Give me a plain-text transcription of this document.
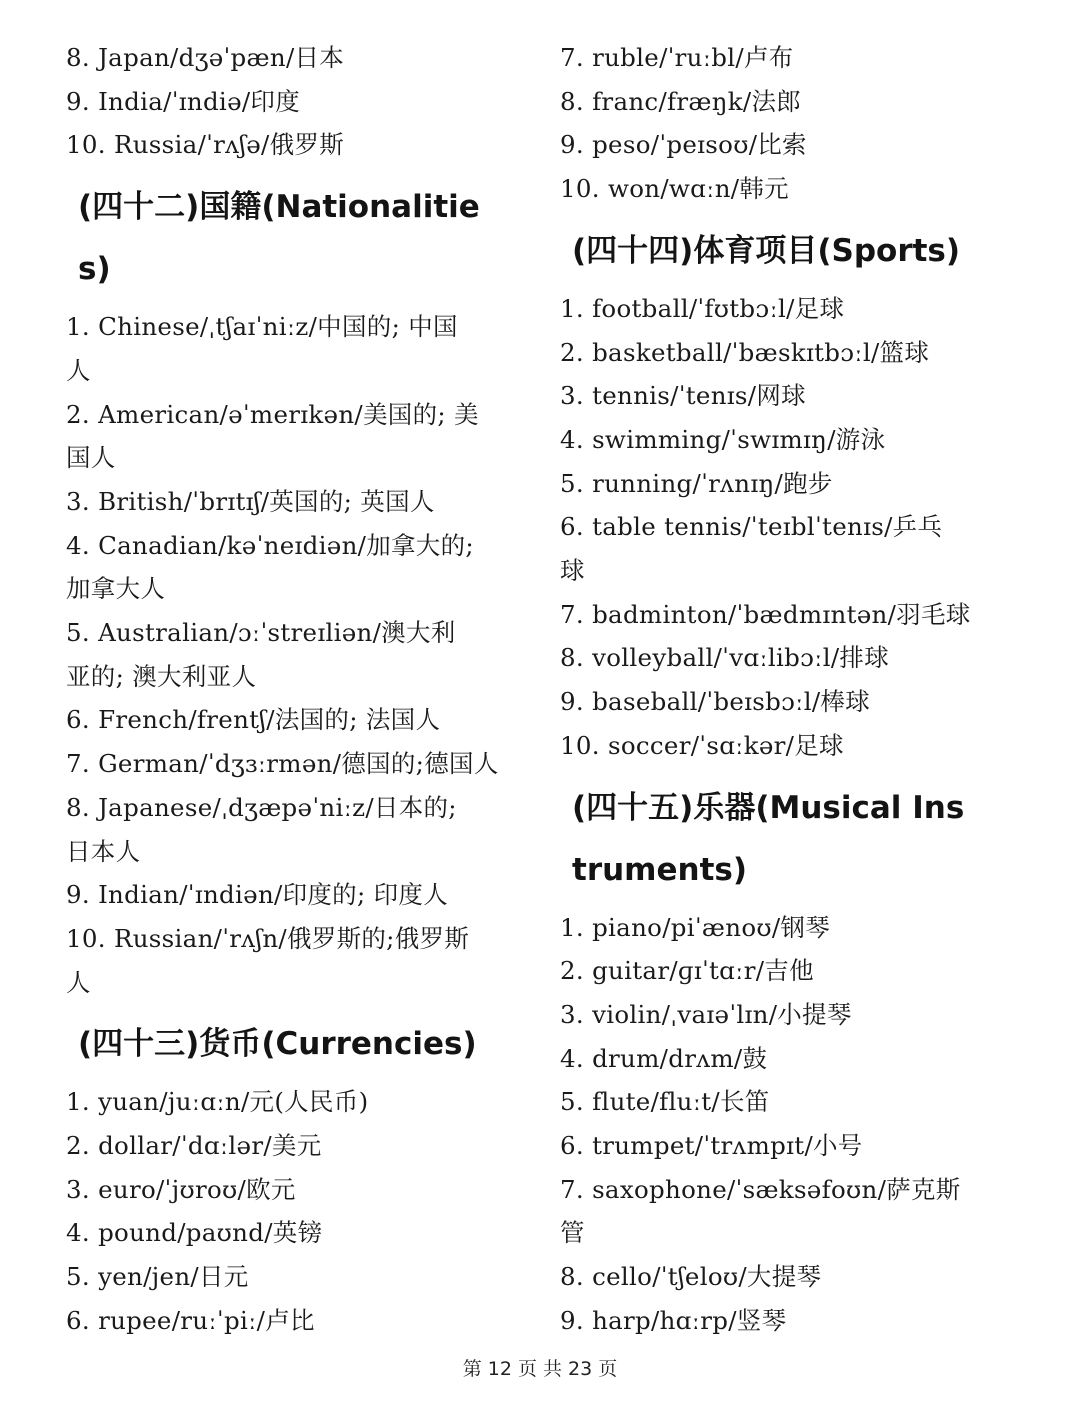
8. Japan/dʒəˈpæn/日本
9. India/ˈɪndiə/印度
10. Russia/ˈrʌʃə/俄罗斯
(四十二)国籍(Nationalitie
s)
1. Chinese/ˌtʃaɪˈniːz/中国的; 中国
人
2. American/əˈmerɪkən/美国的; 美
国人
3. British/ˈbrɪtɪʃ/英国的; 英国人
4. Canadian/kəˈneɪdiən/加拿大的;
加拿大人
5. Australian/ɔːˈstreɪliən/澳大利
亚的; 澳大利亚人
6. French/frentʃ/法国的; 法国人
7. German/ˈdʒɜːrmən/德国的;德国人
8. Japanese/ˌdʒæpəˈniːz/日本的;
日本人
9. Indian/ˈɪndiən/印度的; 印度人
10. Russian/ˈrʌʃn/俄罗斯的;俄罗斯
人
(四十三)货币(Currencies)
1. yuan/juːɑːn/元(人民币)
2. dollar/ˈdɑːlər/美元
3. euro/ˈjʊroʊ/欧元
4. pound/paʊnd/英镑
5. yen/jen/日元
6. rupee/ruːˈpiː/卢比
7. ruble/ˈruːbl/卢布
8. franc/fræŋk/法郎
9. peso/ˈpeɪsoʊ/比索
10. won/wɑːn/韩元
(四十四)体育项目(Sports)
1. football/ˈfʊtbɔːl/足球
2. basketball/ˈbæskɪtbɔːl/篮球
3. tennis/ˈtenɪs/网球
4. swimming/ˈswɪmɪŋ/游泳
5. running/ˈrʌnɪŋ/跑步
6. table tennis/ˈteɪblˈtenɪs/乒乓
球
7. badminton/ˈbædmɪntən/羽毛球
8. volleyball/ˈvɑːlibɔːl/排球
9. baseball/ˈbeɪsbɔːl/棒球
10. soccer/ˈsɑːkər/足球
(四十五)乐器(Musical Ins
truments)
1. piano/piˈænoʊ/钢琴
2. guitar/ɡɪˈtɑːr/吉他
3. violin/ˌvaɪəˈlɪn/小提琴
4. drum/drʌm/鼓
5. flute/fluːt/长笛
6. trumpet/ˈtrʌmpɪt/小号
7. saxophone/ˈsæksəfoʊn/萨克斯
管
8. cello/ˈtʃeloʊ/大提琴
9. harp/hɑːrp/竖琴
第 12 页 共 23 页
